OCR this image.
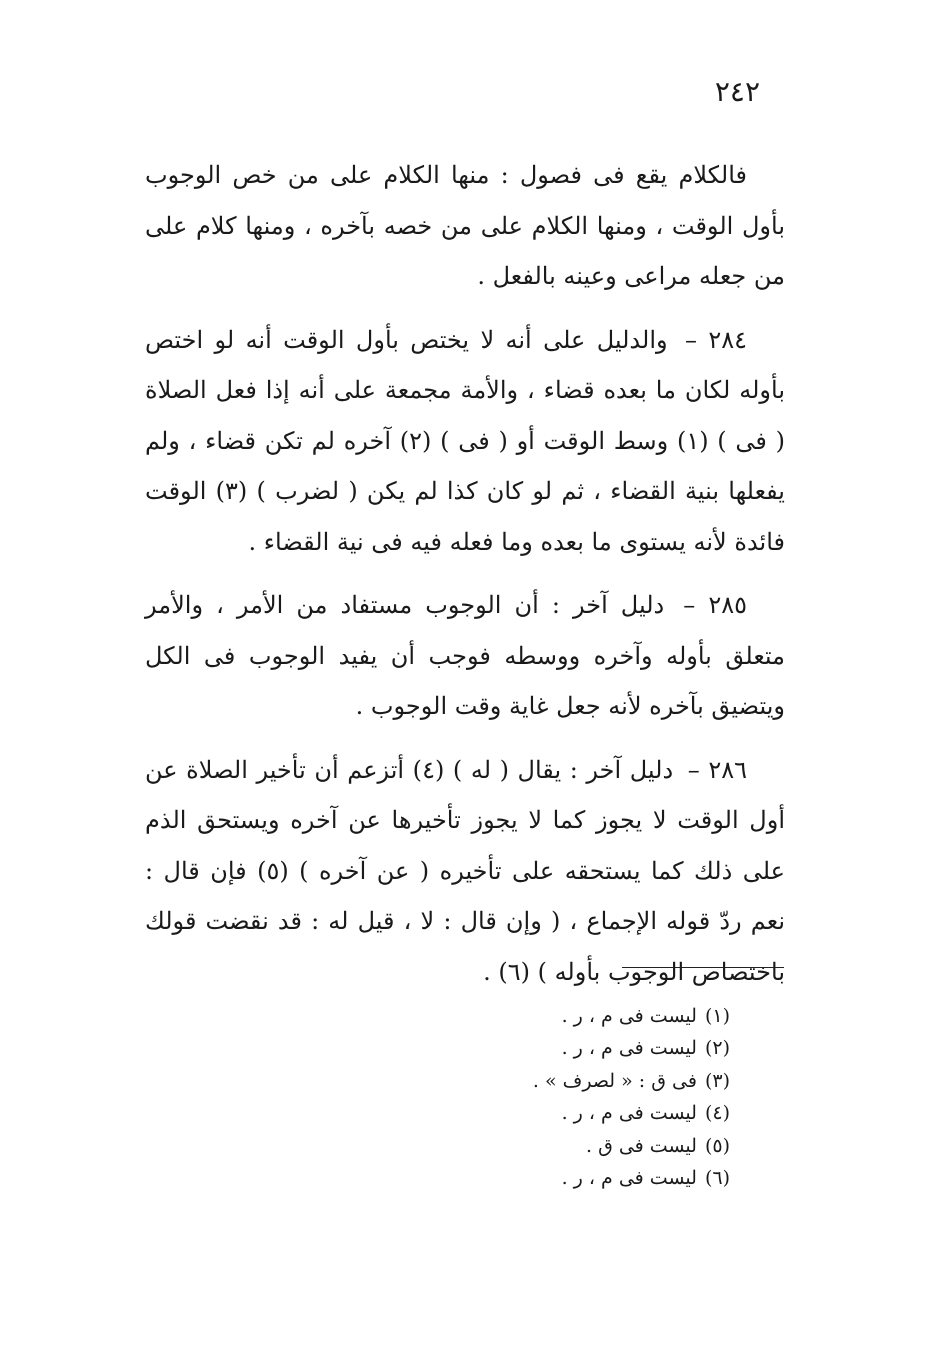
٢٤٢

فالكلام يقع فى فصول : منها الكلام على من خص الوجوب بأول الوقت ، ومنها الكلام على من خصه بآخره ، ومنها كلام على من جعله مراعى وعينه بالفعل .

٢٨٤ – والدليل على أنه لا يختص بأول الوقت أنه لو اختص بأوله لكان ما بعده قضاء ، والأمة مجمعة على أنه إذا فعل الصلاة ( فى ) (١) وسط الوقت أو ( فى ) (٢) آخره لم تكن قضاء ، ولم يفعلها بنية القضاء ، ثم لو كان كذا لم يكن ( لضرب ) (٣) الوقت فائدة لأنه يستوى ما بعده وما فعله فيه فى نية القضاء .

٢٨٥ – دليل آخر : أن الوجوب مستفاد من الأمر ، والأمر متعلق بأوله وآخره ووسطه فوجب أن يفيد الوجوب فى الكل ويتضيق بآخره لأنه جعل غاية وقت الوجوب .

٢٨٦ – دليل آخر : يقال ( له ) (٤) أتزعم أن تأخير الصلاة عن أول الوقت لا يجوز كما لا يجوز تأخيرها عن آخره ويستحق الذم على ذلك كما يستحقه على تأخيره ( عن آخره ) (٥) فإن قال : نعم ردّ قوله الإجماع ، ( وإن قال : لا ، قيل له : قد نقضت قولك باختصاص الوجوب بأوله ) (٦) .

(١)ليست فى م ، ر .
(٢)ليست فى م ، ر .
(٣)فى ق : « لصرف » .
(٤)ليست فى م ، ر .
(٥)ليست فى ق .
(٦)ليست فى م ، ر .
